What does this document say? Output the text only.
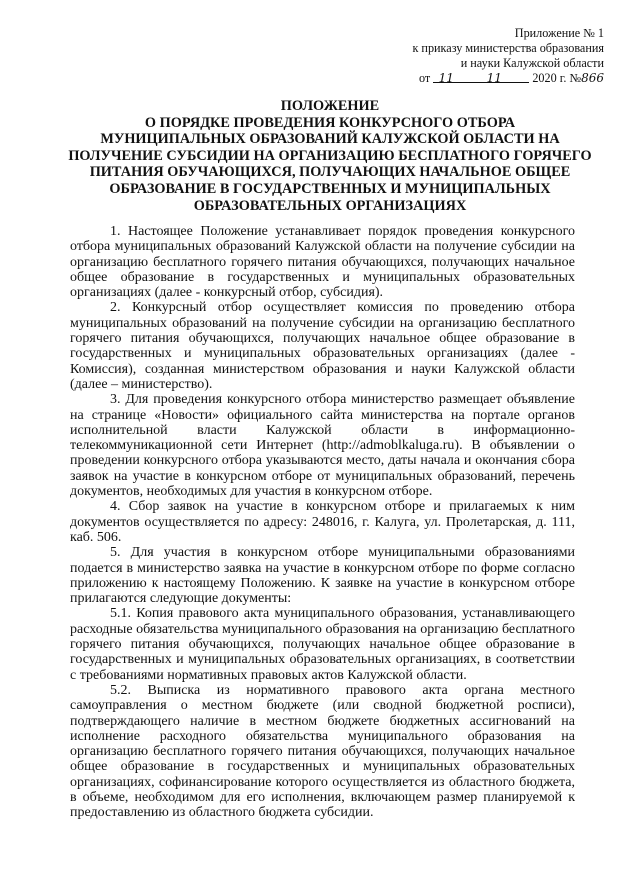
Приложение № 1
к приказу министерства образования
и науки Калужской области
от 11	11 2020 г. №866
ПОЛОЖЕНИЕ
О ПОРЯДКЕ ПРОВЕДЕНИЯ КОНКУРСНОГО ОТБОРА
МУНИЦИПАЛЬНЫХ ОБРАЗОВАНИЙ КАЛУЖСКОЙ ОБЛАСТИ НА
ПОЛУЧЕНИЕ СУБСИДИИ НА ОРГАНИЗАЦИЮ БЕСПЛАТНОГО ГОРЯЧЕГО
ПИТАНИЯ ОБУЧАЮЩИХСЯ, ПОЛУЧАЮЩИХ НАЧАЛЬНОЕ ОБЩЕЕ
ОБРАЗОВАНИЕ В ГОСУДАРСТВЕННЫХ И МУНИЦИПАЛЬНЫХ
ОБРАЗОВАТЕЛЬНЫХ ОРГАНИЗАЦИЯХ

1. Настоящее Положение устанавливает порядок проведения конкурсного отбора муниципальных образований Калужской области на получение субсидии на организацию бесплатного горячего питания обучающихся, получающих начальное общее образование в государственных и муниципальных образовательных организациях (далее - конкурсный отбор, субсидия).

2. Конкурсный отбор осуществляет комиссия по проведению отбора муниципальных образований на получение субсидии на организацию бесплатного горячего питания обучающихся, получающих начальное общее образование в государственных и муниципальных образовательных организациях (далее - Комиссия), созданная министерством образования и науки Калужской области (далее – министерство).

3. Для проведения конкурсного отбора министерство размещает объявление на странице «Новости» официального сайта министерства на портале органов исполнительной власти Калужской области в информационно-телекоммуникационной сети Интернет (http://admoblkaluga.ru). В объявлении о проведении конкурсного отбора указываются место, даты начала и окончания сбора заявок на участие в конкурсном отборе от муниципальных образований, перечень документов, необходимых для участия в конкурсном отборе.

4. Сбор заявок на участие в конкурсном отборе и прилагаемых к ним документов осуществляется по адресу: 248016, г. Калуга, ул. Пролетарская, д. 111, каб. 506.

5. Для участия в конкурсном отборе муниципальными образованиями подается в министерство заявка на участие в конкурсном отборе по форме согласно приложению к настоящему Положению. К заявке на участие в конкурсном отборе прилагаются следующие документы:

5.1. Копия правового акта муниципального образования, устанавливающего расходные обязательства муниципального образования на организацию бесплатного горячего питания обучающихся, получающих начальное общее образование в государственных и муниципальных образовательных организациях, в соответствии с требованиями нормативных правовых актов Калужской области.

5.2. Выписка из нормативного правового акта органа местного самоуправления о местном бюджете (или сводной бюджетной росписи), подтверждающего наличие в местном бюджете бюджетных ассигнований на исполнение расходного обязательства муниципального образования на организацию бесплатного горячего питания обучающихся, получающих начальное общее образование в государственных и муниципальных образовательных организациях, софинансирование которого осуществляется из областного бюджета, в объеме, необходимом для его исполнения, включающем размер планируемой к предоставлению из областного бюджета субсидии.
